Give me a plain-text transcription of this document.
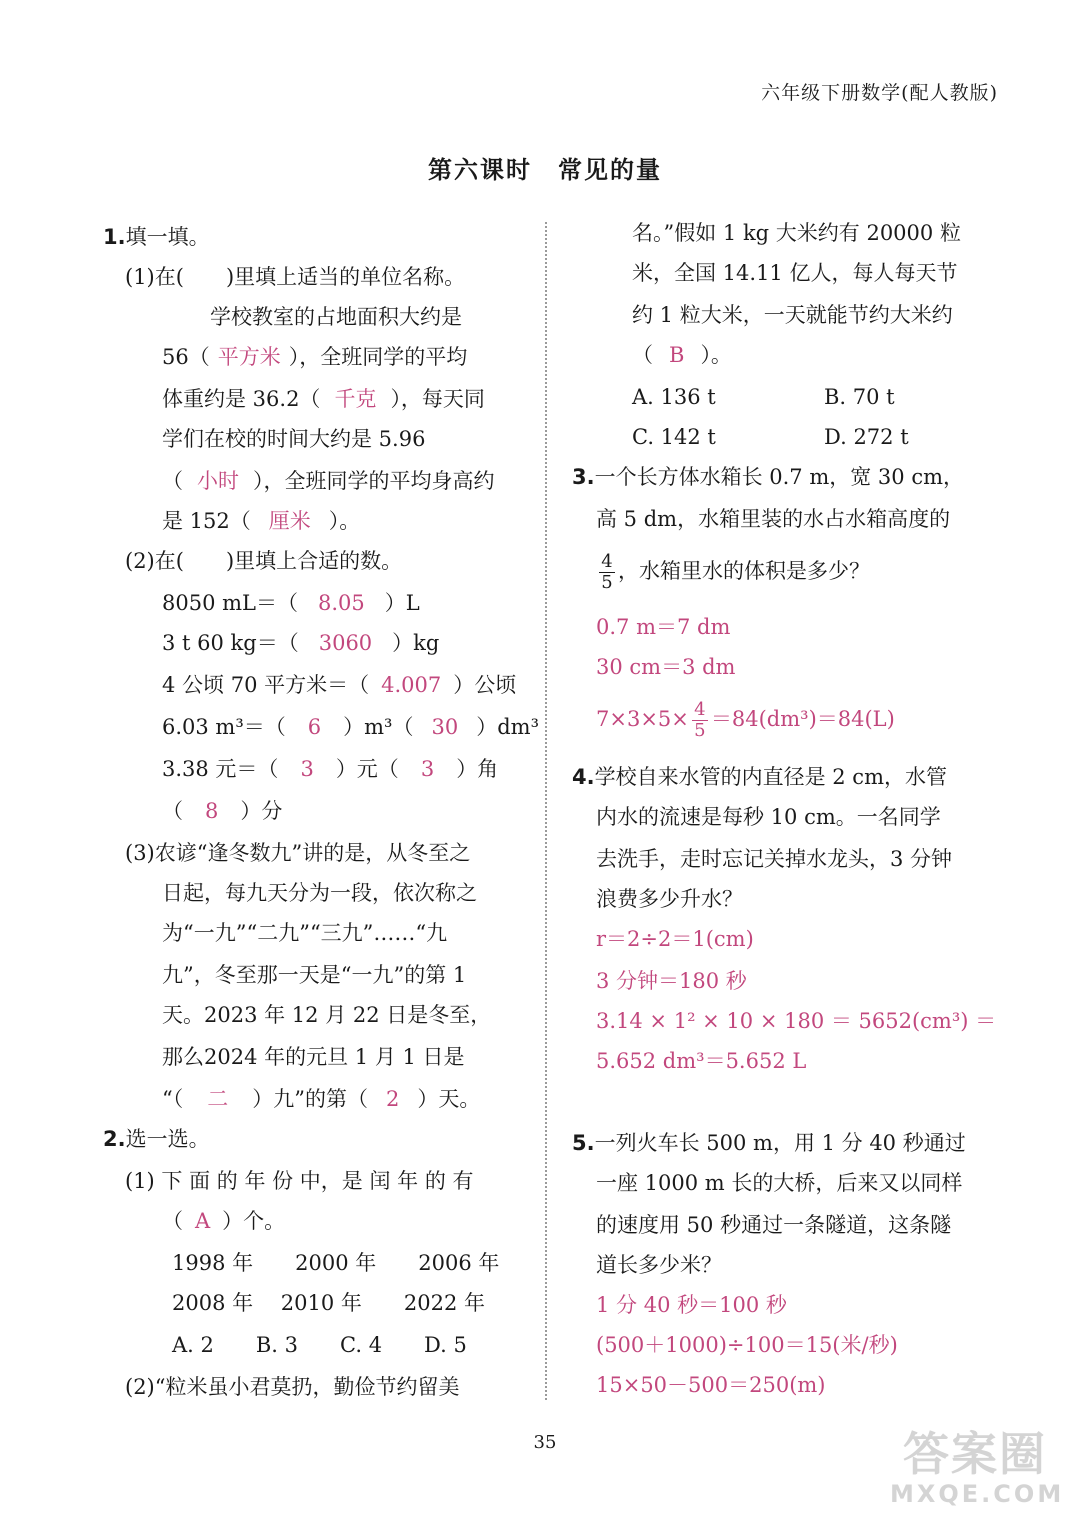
六年级下册数学(配人教版)
第六课时　常见的量
1.填一填。
(1)在(　　)里填上适当的单位名称。
学校教室的占地面积大约是
56（ 平方米 ），全班同学的平均
体重约是 36.2（ 千克 ），每天同
学们在校的时间大约是 5.96
（ 小时 ），全班同学的平均身高约
是 152（ 厘米 ）。
(2)在(　　)里填上合适的数。
8050 mL＝（ 8.05 ）L
3 t 60 kg＝（ 3060 ）kg
4 公顷 70 平方米＝（ 4.007 ）公顷
6.03 m³＝（ 6 ）m³（ 30 ）dm³
3.38 元＝（ 3 ）元（ 3 ）角
（ 8 ）分
(3)农谚“逢冬数九”讲的是，从冬至之
日起，每九天分为一段，依次称之
为“一九”“二九”“三九”……“九
九”，冬至那一天是“一九”的第 1
天。2023 年 12 月 22 日是冬至，
那么2024 年的元旦 1 月 1 日是
“（ 二 ）九”的第（ 2 ）天。
2.选一选。
(1) 下 面 的 年 份 中，是 闰 年 的 有
（ A ）个。
1998 年　　2000 年　　2006 年
2008 年　 2010 年　　2022 年
A. 2　　B. 3　　C. 4　　D. 5
(2)“粒米虽小君莫扔，勤俭节约留美
名。”假如 1 kg 大米约有 20000 粒
米，全国 14.11 亿人，每人每天节
约 1 粒大米，一天就能节约大米约
（ B ）。
A. 136 t	B. 70 t
C. 142 t	D. 272 t
3.一个长方体水箱长 0.7 m，宽 30 cm，
高 5 dm，水箱里装的水占水箱高度的
$\frac{4}{5}$ ，水箱里水的体积是多少？
0.7 m＝7 dm
30 cm＝3 dm
$7\times 3\times 5\times \frac{4}{5} =84(dm^3)=84(L)$
4.学校自来水管的内直径是 2 cm，水管
内水的流速是每秒 10 cm。一名同学
去洗手，走时忘记关掉水龙头，3 分钟
浪费多少升水？
r＝2÷2＝1(cm)
3 分钟＝180 秒
3.14 × 1² × 10 × 180 ＝ 5652(cm³) ＝
5.652 dm³＝5.652 L
5.一列火车长 500 m，用 1 分 40 秒通过
一座 1000 m 长的大桥，后来又以同样
的速度用 50 秒通过一条隧道，这条隧
道长多少米？
1 分 40 秒＝100 秒
(500＋1000)÷100＝15(米/秒)
15×50－500＝250(m)
35	答案圈
MXQE.COM
